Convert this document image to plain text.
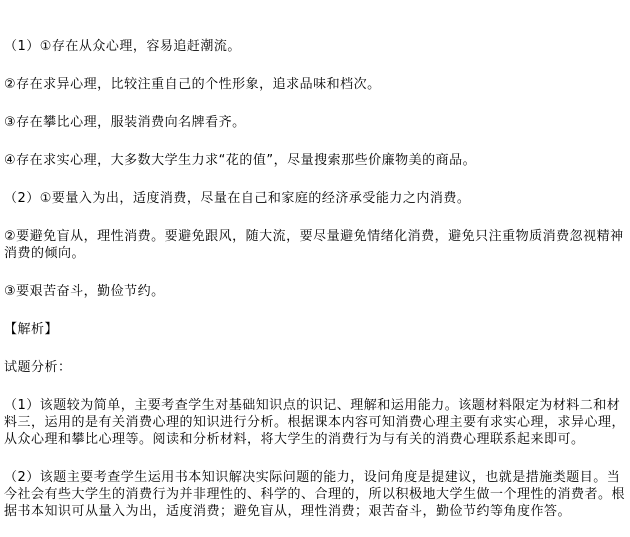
（1）①存在从众心理，容易追赶潮流。

②存在求异心理，比较注重自己的个性形象，追求品味和档次。

③存在攀比心理，服装消费向名牌看齐。

④存在求实心理，大多数大学生力求“花的值”，尽量搜索那些价廉物美的商品。

（2）①要量入为出，适度消费，尽量在自己和家庭的经济承受能力之内消费。

②要避免盲从，理性消费。要避免跟风，随大流，要尽量避免情绪化消费，避免只注重物质消费忽视精神消费的倾向。

③要艰苦奋斗，勤俭节约。

【解析】

试题分析：

（1）该题较为简单，主要考查学生对基础知识点的识记、理解和运用能力。该题材料限定为材料二和材料三，运用的是有关消费心理的知识进行分析。根据课本内容可知消费心理主要有求实心理，求异心理，从众心理和攀比心理等。阅读和分析材料，将大学生的消费行为与有关的消费心理联系起来即可。

（2）该题主要考查学生运用书本知识解决实际问题的能力，设问角度是提建议，也就是措施类题目。当今社会有些大学生的消费行为并非理性的、科学的、合理的，所以积极地大学生做一个理性的消费者。根据书本知识可从量入为出，适度消费；避免盲从，理性消费；艰苦奋斗，勤俭节约等角度作答。
